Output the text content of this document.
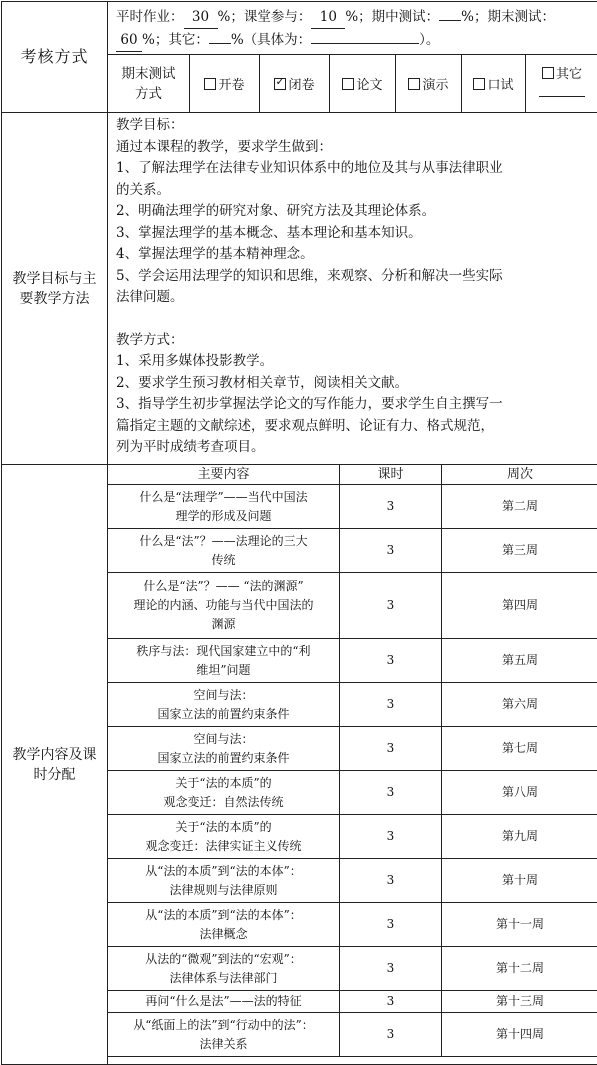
考核方式	
平时作业： 30 %；课堂参与： 10 %；期中测试： %；期末测试：
60 %；其它： %（具体为：	）。
期末测试方式	开卷	✓闭卷	论文	演示	口试	其它

教学目标与主要教学方法	
教学目标：
通过本课程的教学，要求学生做到：
1、了解法理学在法律专业知识体系中的地位及其与从事法律职业
的关系。
2、明确法理学的研究对象、研究方法及其理论体系。
3、掌握法理学的基本概念、基本理论和基本知识。
4、掌握法理学的基本精神理念。
5、学会运用法理学的知识和思维，来观察、分析和解决一些实际
法律问题。
教学方式：
1、采用多媒体投影教学。
2、要求学生预习教材相关章节，阅读相关文献。
3、指导学生初步掌握法学论文的写作能力，要求学生自主撰写一
篇指定主题的文献综述，要求观点鲜明、论证有力、格式规范，
列为平时成绩考查项目。

教学内容及课时分配	
主要内容	课时	周次

什么是“法理学”——当代中国法
理学的形成及问题
	3	第二周

什么是“法”？——法理论的三大
传统
	3	第三周

什么是“法”？—— “法的渊源”
理论的内涵、功能与当代中国法的
渊源
	3	第四周

秩序与法：现代国家建立中的“利
维坦”问题
	3	第五周

空间与法：
国家立法的前置约束条件
	3	第六周

空间与法：
国家立法的前置约束条件
	3	第七周

关于“法的本质”的
观念变迁：自然法传统
	3	第八周

关于“法的本质”的
观念变迁：法律实证主义传统
	3	第九周

从“法的本质”到“法的本体”：
法律规则与法律原则
	3	第十周

从“法的本质”到“法的本体”：
法律概念
	3	第十一周

从法的“微观”到法的“宏观”：
法律体系与法律部门
	3	第十二周

再问“什么是法”——法的特征	3	第十三周

从“纸面上的法”到“行动中的法”：
法律关系
	3	第十四周
